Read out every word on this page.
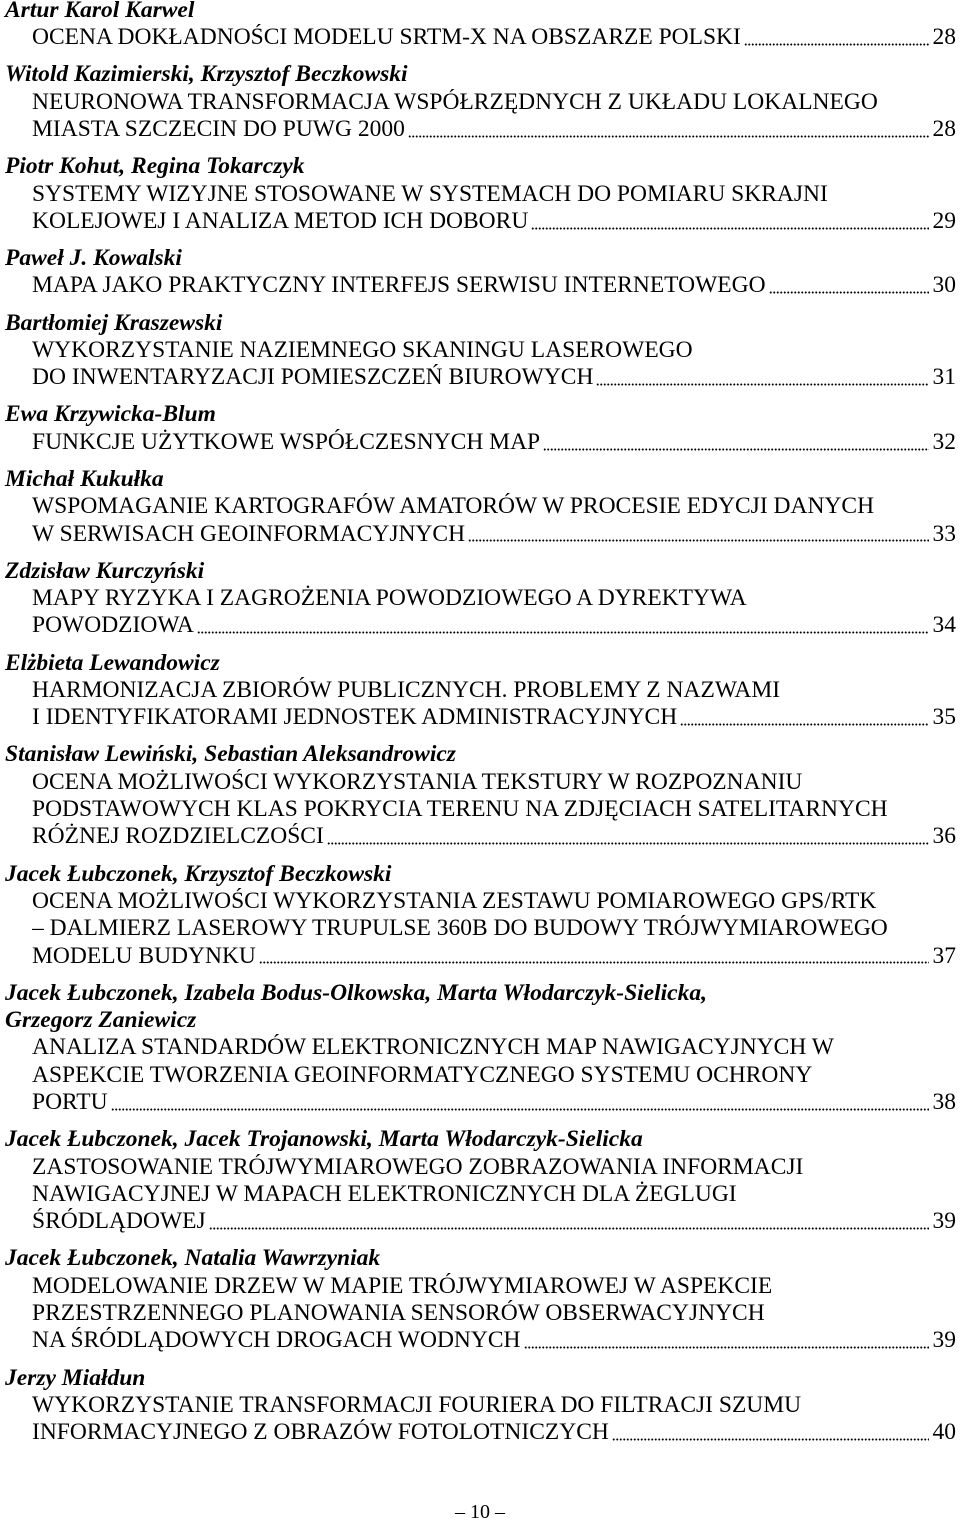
Artur Karol Karwel
OCENA DOKŁADNOŚCI MODELU SRTM-X NA OBSZARZE POLSKI	28
Witold Kazimierski, Krzysztof Beczkowski
NEURONOWA TRANSFORMACJA WSPÓŁRZĘDNYCH Z UKŁADU LOKALNEGO
MIASTA SZCZECIN DO PUWG 2000	28
Piotr Kohut, Regina Tokarczyk
SYSTEMY WIZYJNE STOSOWANE W SYSTEMACH DO POMIARU SKRAJNI
KOLEJOWEJ I ANALIZA METOD ICH DOBORU	29
Paweł J. Kowalski
MAPA JAKO PRAKTYCZNY INTERFEJS SERWISU INTERNETOWEGO	30
Bartłomiej Kraszewski
WYKORZYSTANIE NAZIEMNEGO SKANINGU LASEROWEGO
DO INWENTARYZACJI POMIESZCZEŃ BIUROWYCH	31
Ewa Krzywicka-Blum
FUNKCJE UŻYTKOWE WSPÓŁCZESNYCH MAP	32
Michał Kukułka
WSPOMAGANIE KARTOGRAFÓW AMATORÓW W PROCESIE EDYCJI DANYCH
W SERWISACH GEOINFORMACYJNYCH	33
Zdzisław Kurczyński
MAPY RYZYKA I ZAGROŻENIA POWODZIOWEGO A DYREKTYWA
POWODZIOWA	34
Elżbieta Lewandowicz
HARMONIZACJA ZBIORÓW PUBLICZNYCH. PROBLEMY Z NAZWAMI
I IDENTYFIKATORAMI JEDNOSTEK ADMINISTRACYJNYCH	35
Stanisław Lewiński, Sebastian Aleksandrowicz
OCENA MOŻLIWOŚCI WYKORZYSTANIA TEKSTURY W ROZPOZNANIU
PODSTAWOWYCH KLAS POKRYCIA TERENU NA ZDJĘCIACH SATELITARNYCH
RÓŻNEJ ROZDZIELCZOŚCI	36
Jacek Łubczonek, Krzysztof Beczkowski
OCENA MOŻLIWOŚCI WYKORZYSTANIA ZESTAWU POMIAROWEGO GPS/RTK
– DALMIERZ LASEROWY TRUPULSE 360B DO BUDOWY TRÓJWYMIAROWEGO
MODELU BUDYNKU	37
Jacek Łubczonek, Izabela Bodus-Olkowska, Marta Włodarczyk-Sielicka,
Grzegorz Zaniewicz
ANALIZA STANDARDÓW ELEKTRONICZNYCH MAP NAWIGACYJNYCH W
ASPEKCIE TWORZENIA GEOINFORMATYCZNEGO SYSTEMU OCHRONY
PORTU	38
Jacek Łubczonek, Jacek Trojanowski, Marta Włodarczyk-Sielicka
ZASTOSOWANIE TRÓJWYMIAROWEGO ZOBRAZOWANIA INFORMACJI
NAWIGACYJNEJ W MAPACH ELEKTRONICZNYCH DLA ŻEGLUGI
ŚRÓDLĄDOWEJ	39
Jacek Łubczonek, Natalia Wawrzyniak
MODELOWANIE DRZEW W MAPIE TRÓJWYMIAROWEJ W ASPEKCIE
PRZESTRZENNEGO PLANOWANIA SENSORÓW OBSERWACYJNYCH
NA ŚRÓDLĄDOWYCH DROGACH WODNYCH	39
Jerzy Miałdun
WYKORZYSTANIE TRANSFORMACJI FOURIERA DO FILTRACJI SZUMU
INFORMACYJNEGO Z OBRAZÓW FOTOLOTNICZYCH	40
– 10 –
